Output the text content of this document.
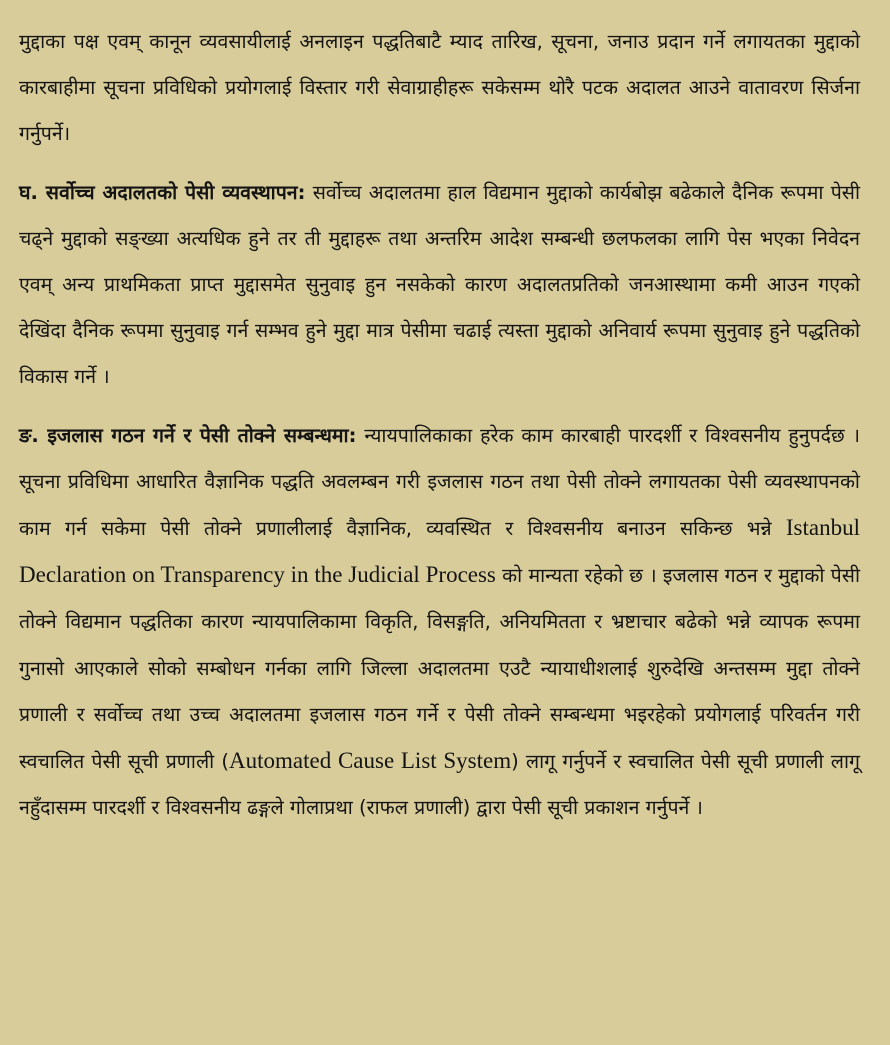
मुद्दाका पक्ष एवम् कानून व्यवसायीलाई अनलाइन पद्धतिबाटै म्याद तारिख, सूचना, जनाउ प्रदान गर्ने लगायतका मुद्दाको कारबाहीमा सूचना प्रविधिको प्रयोगलाई विस्तार गरी सेवाग्राहीहरू सकेसम्म थोरै पटक अदालत आउने वातावरण सिर्जना गर्नुपर्ने।

घ. सर्वोच्च अदालतको पेसी व्यवस्थापन: सर्वोच्च अदालतमा हाल विद्यमान मुद्दाको कार्यबोझ बढेकाले दैनिक रूपमा पेसी चढ्ने मुद्दाको सङ्ख्या अत्यधिक हुने तर ती मुद्दाहरू तथा अन्तरिम आदेश सम्बन्धी छलफलका लागि पेस भएका निवेदन एवम् अन्य प्राथमिकता प्राप्त मुद्दासमेत सुनुवाइ हुन नसकेको कारण अदालतप्रतिको जनआस्थामा कमी आउन गएको देखिंदा दैनिक रूपमा सुनुवाइ गर्न सम्भव हुने मुद्दा मात्र पेसीमा चढाई त्यस्ता मुद्दाको अनिवार्य रूपमा सुनुवाइ हुने पद्धतिको विकास गर्ने ।

ङ. इजलास गठन गर्ने र पेसी तोक्ने सम्बन्धमा: न्यायपालिकाका हरेक काम कारबाही पारदर्शी र विश्वसनीय हुनुपर्दछ । सूचना प्रविधिमा आधारित वैज्ञानिक पद्धति अवलम्बन गरी इजलास गठन तथा पेसी तोक्ने लगायतका पेसी व्यवस्थापनको काम गर्न सकेमा पेसी तोक्ने प्रणालीलाई वैज्ञानिक, व्यवस्थित र विश्वसनीय बनाउन सकिन्छ भन्ने Istanbul Declaration on Transparency in the Judicial Process को मान्यता रहेको छ । इजलास गठन र मुद्दाको पेसी तोक्ने विद्यमान पद्धतिका कारण न्यायपालिकामा विकृति, विसङ्गति, अनियमितता र भ्रष्टाचार बढेको भन्ने व्यापक रूपमा गुनासो आएकाले सोको सम्बोधन गर्नका लागि जिल्ला अदालतमा एउटै न्यायाधीशलाई शुरुदेखि अन्तसम्म मुद्दा तोक्ने प्रणाली र सर्वोच्च तथा उच्च अदालतमा इजलास गठन गर्ने र पेसी तोक्ने सम्बन्धमा भइरहेको प्रयोगलाई परिवर्तन गरी स्वचालित पेसी सूची प्रणाली (Automated Cause List System) लागू गर्नुपर्ने र स्वचालित पेसी सूची प्रणाली लागू नहुँदासम्म पारदर्शी र विश्वसनीय ढङ्गले गोलाप्रथा (राफल प्रणाली) द्वारा पेसी सूची प्रकाशन गर्नुपर्ने ।
